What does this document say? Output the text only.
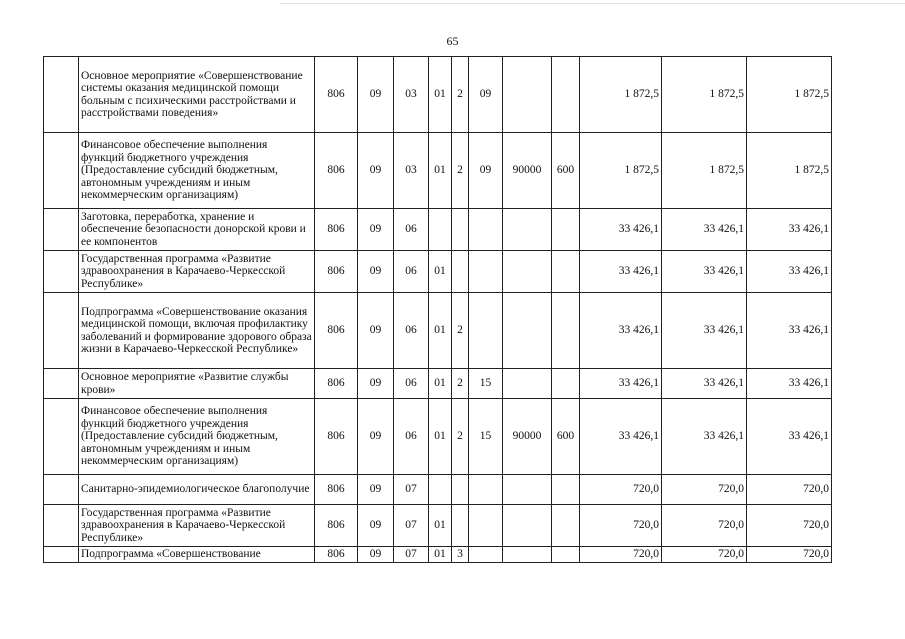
65
	Основное мероприятие «Совершенствование системы оказания медицинской помощи больным с психическими расстройствами и расстройствами поведения»	806	09	03	01	2	09			1 872,5	1 872,5	1 872,5
	Финансовое обеспечение выполнения функций бюджетного учреждения (Предоставление субсидий бюджетным, автономным учреждениям и иным некоммерческим организациям)	806	09	03	01	2	09	90000	600	1 872,5	1 872,5	1 872,5
	Заготовка, переработка, хранение и обеспечение безопасности донорской крови и ее компонентов	806	09	06						33 426,1	33 426,1	33 426,1
	Государственная программа «Развитие здравоохранения в Карачаево-Черкесской Республике»	806	09	06	01					33 426,1	33 426,1	33 426,1
	Подпрограмма «Совершенствование оказания медицинской помощи, включая профилактику заболеваний и формирование здорового образа жизни в Карачаево-Черкесской Республике»	806	09	06	01	2				33 426,1	33 426,1	33 426,1
	Основное мероприятие «Развитие службы крови»	806	09	06	01	2	15			33 426,1	33 426,1	33 426,1
	Финансовое обеспечение выполнения функций бюджетного учреждения (Предоставление субсидий бюджетным, автономным учреждениям и иным некоммерческим организациям)	806	09	06	01	2	15	90000	600	33 426,1	33 426,1	33 426,1
	Санитарно-эпидемиологическое благополучие	806	09	07						720,0	720,0	720,0
	Государственная программа «Развитие здравоохранения в Карачаево-Черкесской Республике»	806	09	07	01					720,0	720,0	720,0
	Подпрограмма «Совершенствование	806	09	07	01	3				720,0	720,0	720,0
